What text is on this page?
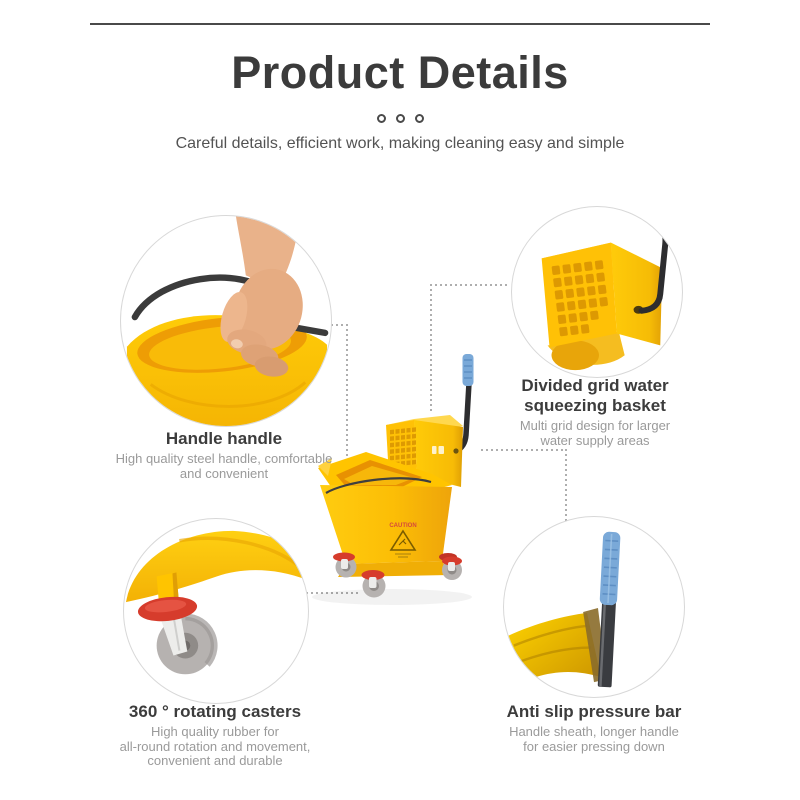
Product Details
Careful details, efficient work, making cleaning easy and simple
CAUTION
Handle handle
High quality steel handle, comfortable
and convenient
Divided grid water
squeezing basket
Multi grid design for larger
water supply areas
360 ° rotating casters
High quality rubber for
all-round rotation and movement,
convenient and durable
Anti slip pressure bar
Handle sheath, longer handle
for easier pressing down
